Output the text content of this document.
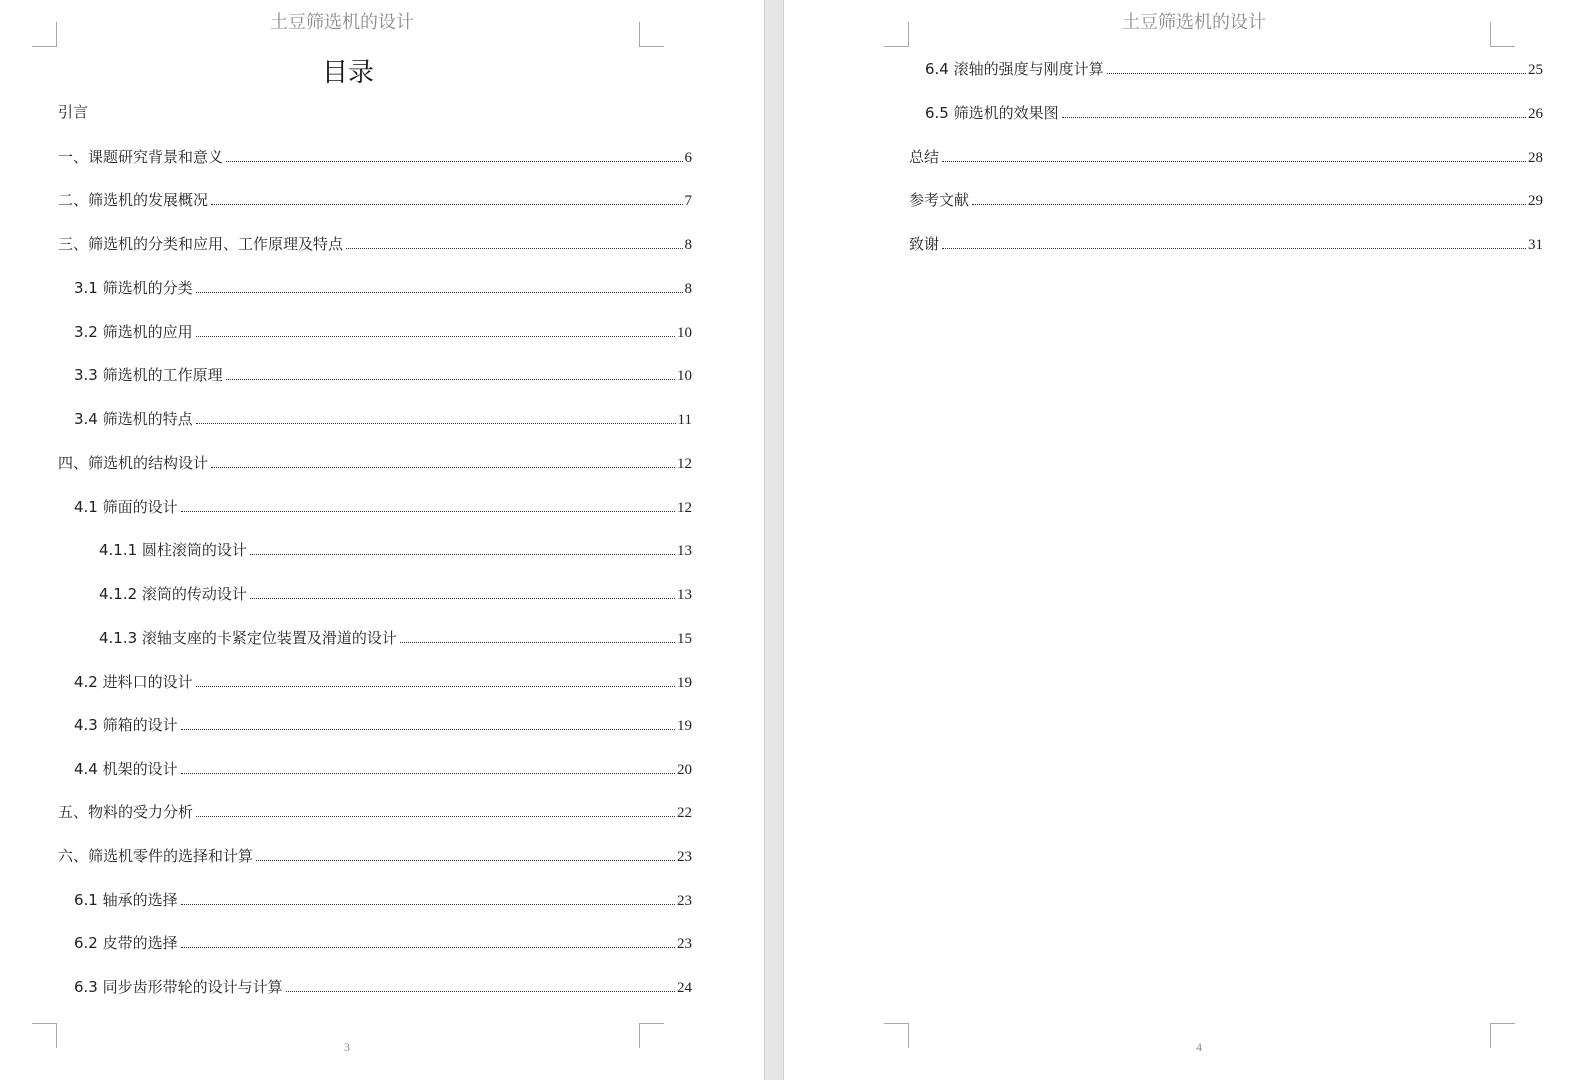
土豆筛选机的设计
目录
引言
一、课题研究背景和意义	6
二、筛选机的发展概况	7
三、筛选机的分类和应用、工作原理及特点	8
3.1 筛选机的分类	8
3.2 筛选机的应用	10
3.3 筛选机的工作原理	10
3.4 筛选机的特点	11
四、筛选机的结构设计	12
4.1 筛面的设计	12
4.1.1 圆柱滚筒的设计	13
4.1.2 滚筒的传动设计	13
4.1.3 滚轴支座的卡紧定位装置及滑道的设计	15
4.2 进料口的设计	19
4.3 筛箱的设计	19
4.4 机架的设计	20
五、物料的受力分析	22
六、筛选机零件的选择和计算	23
6.1 轴承的选择	23
6.2 皮带的选择	23
6.3 同步齿形带轮的设计与计算	24
3
土豆筛选机的设计
6.4 滚轴的强度与刚度计算	25
6.5 筛选机的效果图	26
总结	28
参考文献	29
致谢	31
4
